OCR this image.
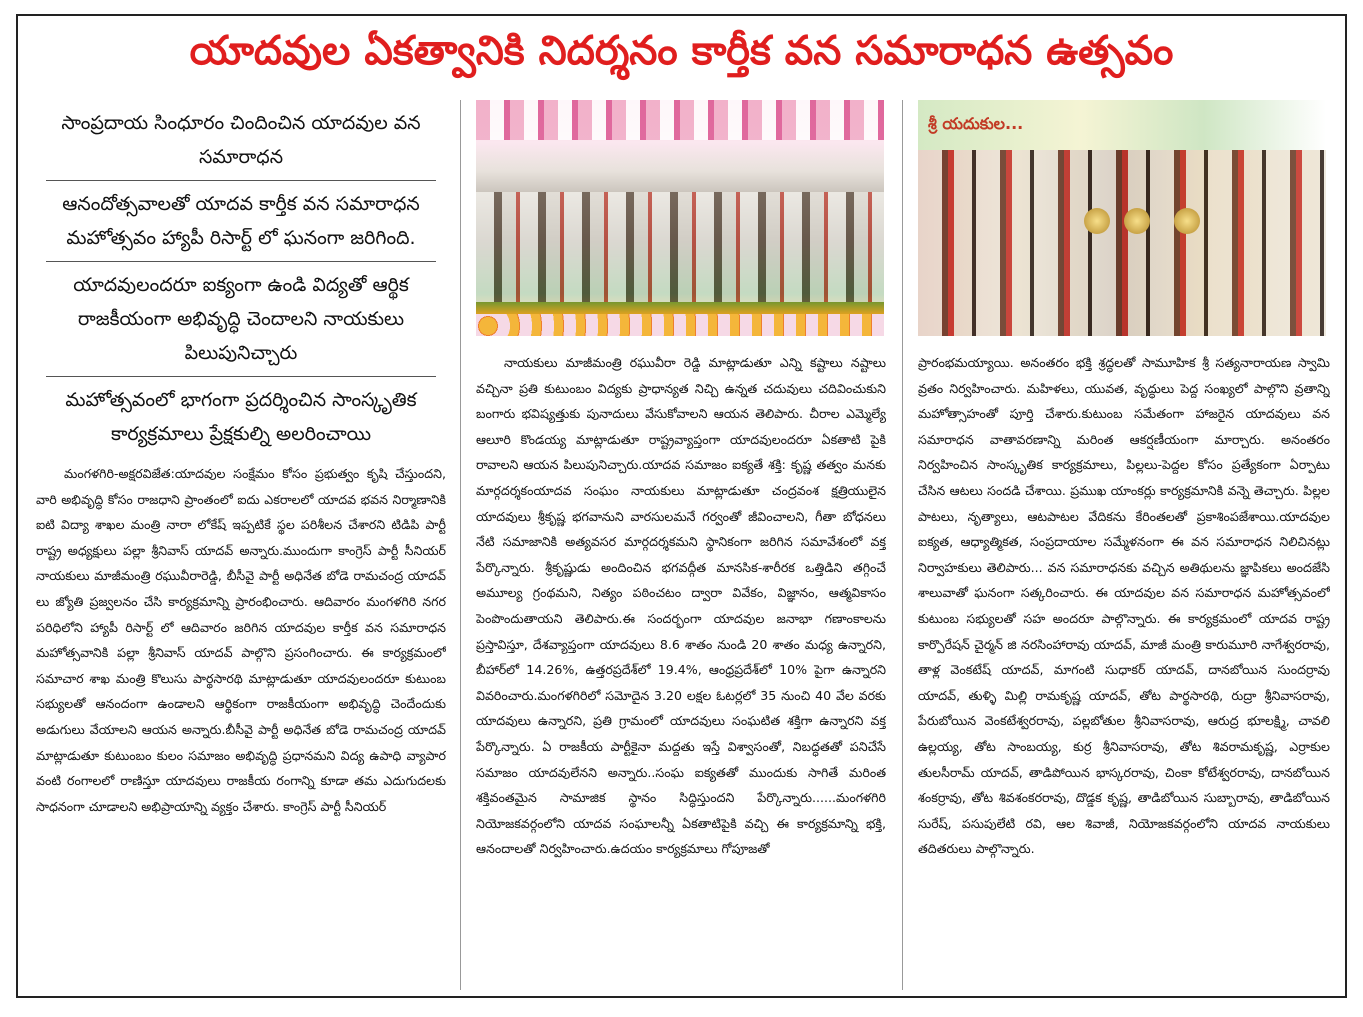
యాదవుల ఏకత్వానికి నిదర్శనం కార్తీక వన సమారాధన ఉత్సవం

సాంప్రదాయ సింధూరం చిందించిన యాదవుల వన సమారాధన

ఆనందోత్సవాలతో యాదవ కార్తీక వన సమారాధన మహోత్సవం హ్యాపీ రిసార్ట్ లో ఘనంగా జరిగింది.

యాదవులందరూ ఐక్యంగా ఉండి విద్యతో ఆర్థిక రాజకీయంగా అభివృద్ధి చెందాలని నాయకులు పిలుపునిచ్చారు

మహోత్సవంలో భాగంగా ప్రదర్శించిన సాంస్కృతిక కార్యక్రమాలు ప్రేక్షకుల్ని అలరించాయి

మంగళగిరి-అక్షరవిజేత:యాదవుల సంక్షేమం కోసం ప్రభుత్వం కృషి చేస్తుందని, వారి అభివృద్ధి కోసం రాజధాని ప్రాంతంలో ఐదు ఎకరాలలో యాదవ భవన నిర్మాణానికి ఐటి విద్యా శాఖల మంత్రి నారా లోకేష్ ఇప్పటికే స్థల పరిశీలన చేశారని టిడిపి పార్టీ రాష్ట్ర అధ్యక్షులు పల్లా శ్రీనివాస్ యాదవ్ అన్నారు.ముందుగా కాంగ్రెస్ పార్టీ సీనియర్ నాయకులు మాజీమంత్రి రఘువీరారెడ్డి, బీసీవై పార్టీ అధినేత బోడె రామచంద్ర యాదవ్ లు జ్యోతి ప్రజ్వలనం చేసి కార్యక్రమాన్ని ప్రారంభించారు. ఆదివారం మంగళగిరి నగర పరిధిలోని హ్యాపీ రిసార్ట్ లో ఆదివారం జరిగిన యాదవుల కార్తీక వన సమారాధన మహోత్సవానికి పల్లా శ్రీనివాస్ యాదవ్ పాల్గొని ప్రసంగించారు. ఈ కార్యక్రమంలో సమాచార శాఖ మంత్రి కొలుసు పార్థసారథి మాట్లాడుతూ యాదవులందరూ కుటుంబ సభ్యులతో ఆనందంగా ఉండాలని ఆర్థికంగా రాజకీయంగా అభివృద్ధి చెందేందుకు అడుగులు వేయాలని ఆయన అన్నారు.బీసీవై పార్టీ అధినేత బోడె రామచంద్ర యాదవ్ మాట్లాడుతూ కుటుంబం కులం సమాజం అభివృద్ధి ప్రధానమని విద్య ఉపాధి వ్యాపార వంటి రంగాలలో రాణిస్తూ యాదవులు రాజకీయ రంగాన్ని కూడా తమ ఎదుగుదలకు సాధనంగా చూడాలని అభిప్రాయాన్ని వ్యక్తం చేశారు. కాంగ్రెస్ పార్టీ సీనియర్

నాయకులు మాజీమంత్రి రఘువీరా రెడ్డి మాట్లాడుతూ ఎన్ని కష్టాలు నష్టాలు వచ్చినా ప్రతి కుటుంబం విద్యకు ప్రాధాన్యత నిచ్చి ఉన్నత చదువులు చదివించుకుని బంగారు భవిష్యత్తుకు పునాదులు వేసుకోవాలని ఆయన తెలిపారు. చీరాల ఎమ్మెల్యే ఆలూరి కొండయ్య మాట్లాడుతూ రాష్ట్రవ్యాప్తంగా యాదవులందరూ ఏకతాటి పైకి రావాలని ఆయన పిలుపునిచ్చారు.యాదవ సమాజం ఐక్యతే శక్తి: కృష్ణ తత్వం మనకు మార్గదర్శకంయాదవ సంఘం నాయకులు మాట్లాడుతూ చంద్రవంశ క్షత్రియులైన యాదవులు శ్రీకృష్ణ భగవానుని వారసులమనే గర్వంతో జీవించాలని, గీతా బోధనలు నేటి సమాజానికి అత్యవసర మార్గదర్శకమని స్థానికంగా జరిగిన సమావేశంలో వక్త పేర్కొన్నారు. శ్రీకృష్ణుడు అందించిన భగవద్గీత మానసిక-శారీరక ఒత్తిడిని తగ్గించే అమూల్య గ్రంథమని, నిత్యం పఠించటం ద్వారా వివేకం, విజ్ఞానం, ఆత్మవికాసం పెంపొందుతాయని తెలిపారు.ఈ సందర్భంగా యాదవుల జనాభా గణాంకాలను ప్రస్తావిస్తూ, దేశవ్యాప్తంగా యాదవులు 8.6 శాతం నుండి 20 శాతం మధ్య ఉన్నారని, బీహార్‌లో 14.26%, ఉత్తరప్రదేశ్‌లో 19.4%, ఆంధ్రప్రదేశ్‌లో 10% పైగా ఉన్నారని వివరించారు.మంగళగిరిలో సమోదైన 3.20 లక్షల ఓటర్లలో 35 నుంచి 40 వేల వరకు యాదవులు ఉన్నారని, ప్రతి గ్రామంలో యాదవులు సంఘటిత శక్తిగా ఉన్నారని వక్త పేర్కొన్నారు. ఏ రాజకీయ పార్టీకైనా మద్దతు ఇస్తే విశ్వాసంతో, నిబద్ధతతో పనిచేసే సమాజం యాదవులేనని అన్నారు..సంఘ ఐక్యతతో ముందుకు సాగితే మరింత శక్తివంతమైన సామాజిక స్థానం సిద్ధిస్తుందని పేర్కొన్నారు......మంగళగిరి నియోజకవర్గంలోని యాదవ సంఘాలన్నీ ఏకతాటిపైకి వచ్చి ఈ కార్యక్రమాన్ని భక్తి, ఆనందాలతో నిర్వహించారు.ఉదయం కార్యక్రమాలు గోపూజతో

శ్రీ యదుకుల...

ప్రారంభమయ్యాయి. అనంతరం భక్తి శ్రద్ధలతో సామూహిక శ్రీ సత్యనారాయణ స్వామి వ్రతం నిర్వహించారు. మహిళలు, యువత, వృద్ధులు పెద్ద సంఖ్యలో పాల్గొని వ్రతాన్ని మహోత్సాహంతో పూర్తి చేశారు.కుటుంబ సమేతంగా హాజరైన యాదవులు వన సమారాధన వాతావరణాన్ని మరింత ఆకర్షణీయంగా మార్చారు. అనంతరం నిర్వహించిన సాంస్కృతిక కార్యక్రమాలు, పిల్లలు-పెద్దల కోసం ప్రత్యేకంగా ఏర్పాటు చేసిన ఆటలు సందడి చేశాయి. ప్రముఖ యాంకర్లు కార్యక్రమానికి వన్నె తెచ్చారు. పిల్లల పాటలు, నృత్యాలు, ఆటపాటల వేదికను కేరింతలతో ప్రకాశింపజేశాయి.యాదవుల ఐక్యత, ఆధ్యాత్మికత, సంప్రదాయాల సమ్మేళనంగా ఈ వన సమారాధన నిలిచినట్లు నిర్వాహకులు తెలిపారు... వన సమారాధనకు వచ్చిన అతిథులను జ్ఞాపికలు అందజేసి శాలువాతో ఘనంగా సత్కరించారు. ఈ యాదవుల వన సమారాధన మహోత్సవంలో కుటుంబ సభ్యులతో సహ అందరూ పాల్గొన్నారు. ఈ కార్యక్రమంలో యాదవ రాష్ట్ర కార్పొరేషన్ చైర్మన్ జి నరసింహారావు యాదవ్, మాజీ మంత్రి కారుమూరి నాగేశ్వరరావు, తాళ్ల వెంకటేష్ యాదవ్, మాగంటి సుధాకర్ యాదవ్, దానబోయిన సుందర్రావు యాదవ్, తుళ్ళి మిల్లి రామకృష్ణ యాదవ్, తోట పార్థసారథి, రుద్రా శ్రీనివాసరావు, పేరుబోయిన వెంకటేశ్వరరావు, పల్లబోతుల శ్రీనివాసరావు, ఆరుద్ర భూలక్ష్మి, చావలి ఉల్లయ్య, తోట సాంబయ్య, కుర్ర శ్రీనివాసరావు, తోట శివరామకృష్ణ, ఎర్రాకుల తులసీరామ్ యాదవ్, తాడిపోయిన భాస్కరరావు, చింకా కోటేశ్వరరావు, దానబోయిన శంకర్రావు, తోట శివశంకరరావు, దొడ్డక కృష్ణ, తాడిబోయిన సుబ్బారావు, తాడిబోయిన సురేష్, పసుపులేటి రవి, ఆల శివాజీ, నియోజకవర్గంలోని యాదవ నాయకులు తదితరులు పాల్గొన్నారు.
